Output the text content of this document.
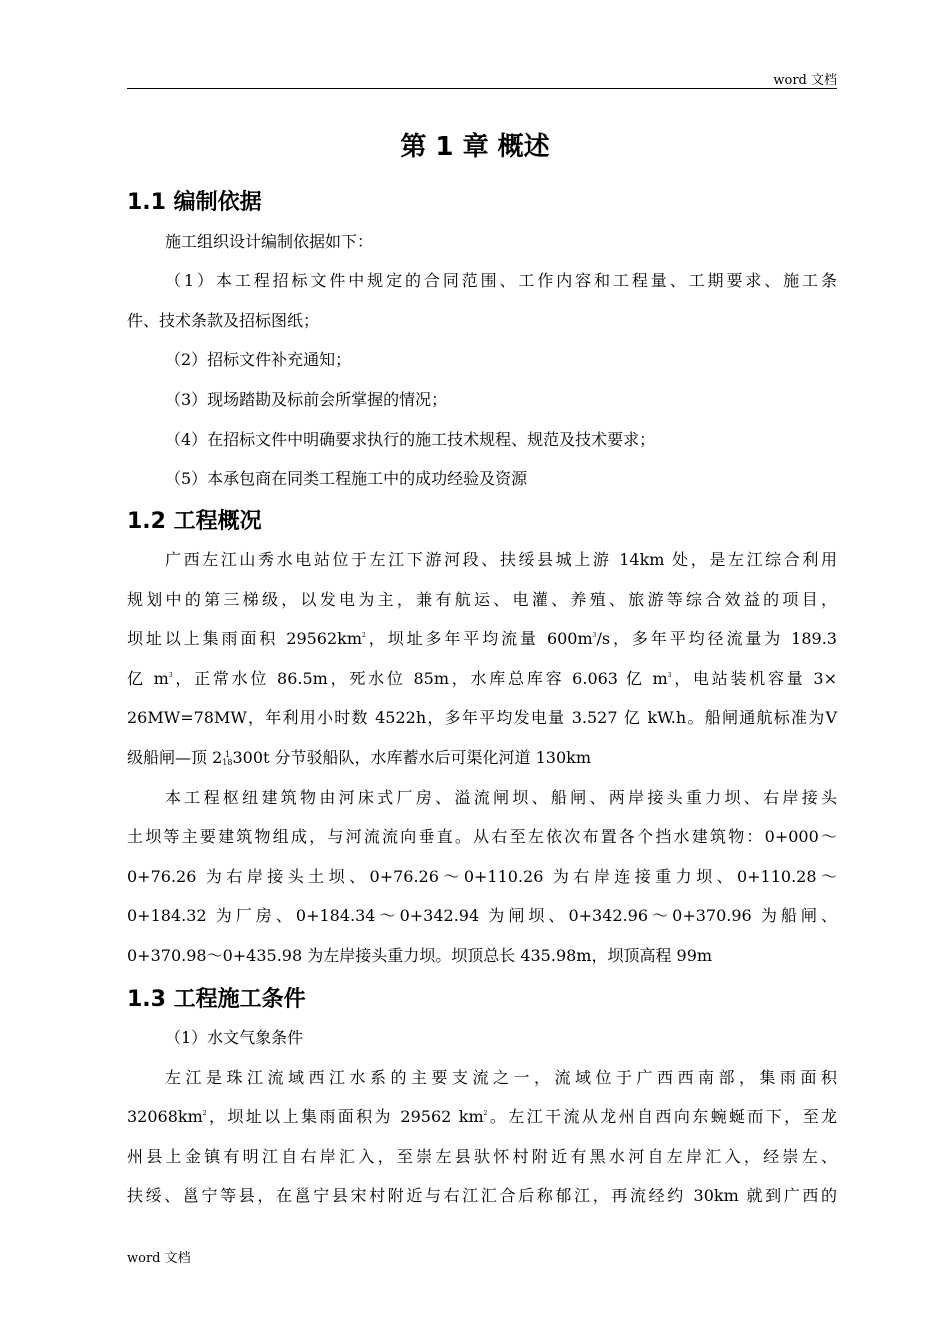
word 文档
第 1 章 概述
1.1 编制依据
施工组织设计编制依据如下：
（1）本工程招标文件中规定的合同范围、工作内容和工程量、工期要求、施工条
件、技术条款及招标图纸；
（2）招标文件补充通知；
（3）现场踏勘及标前会所掌握的情况；
（4）在招标文件中明确要求执行的施工技术规程、规范及技术要求；
（5）本承包商在同类工程施工中的成功经验及资源
1.2 工程概况
广西左江山秀水电站位于左江下游河段、扶绥县城上游 14km 处，是左江综合利用
规划中的第三梯级，以发电为主，兼有航运、电灌、养殖、旅游等综合效益的项目，
坝址以上集雨面积 $29562km^2$，坝址多年平均流量 $600m^3/s$，多年平均径流量为 189.3
亿 $m^3$，正常水位 86.5m，死水位 85m，水库总库容 6.063 亿 $m^3$，电站装机容量 3×
26MW=78MW，年利用小时数 4522h，多年平均发电量 3.527 亿 kW.h。船闸通航标准为Ⅴ
级船闸—顶 2 1
18300t 分节驳船队，水库蓄水后可渠化河道 130km
本工程枢纽建筑物由河床式厂房、溢流闸坝、船闸、两岸接头重力坝、右岸接头
土坝等主要建筑物组成，与河流流向垂直。从右至左依次布置各个挡水建筑物：0+000～
0+76.26 为右岸接头土坝、0+76.26～0+110.26 为右岸连接重力坝、0+110.28～
0+184.32 为厂房、0+184.34～0+342.94 为闸坝、0+342.96～0+370.96 为船闸、
0+370.98～0+435.98 为左岸接头重力坝。坝顶总长 435.98m，坝顶高程 99m
1.3 工程施工条件
（1）水文气象条件
左江是珠江流域西江水系的主要支流之一，流域位于广西西南部，集雨面积
$32068km^2$，坝址以上集雨面积为 29562 $km^2$。左江干流从龙州自西向东蜿蜒而下，至龙
州县上金镇有明江自右岸汇入，至崇左县驮怀村附近有黑水河自左岸汇入，经崇左、
扶绥、邕宁等县，在邕宁县宋村附近与右江汇合后称郁江，再流经约 30km 就到广西的
word 文档
